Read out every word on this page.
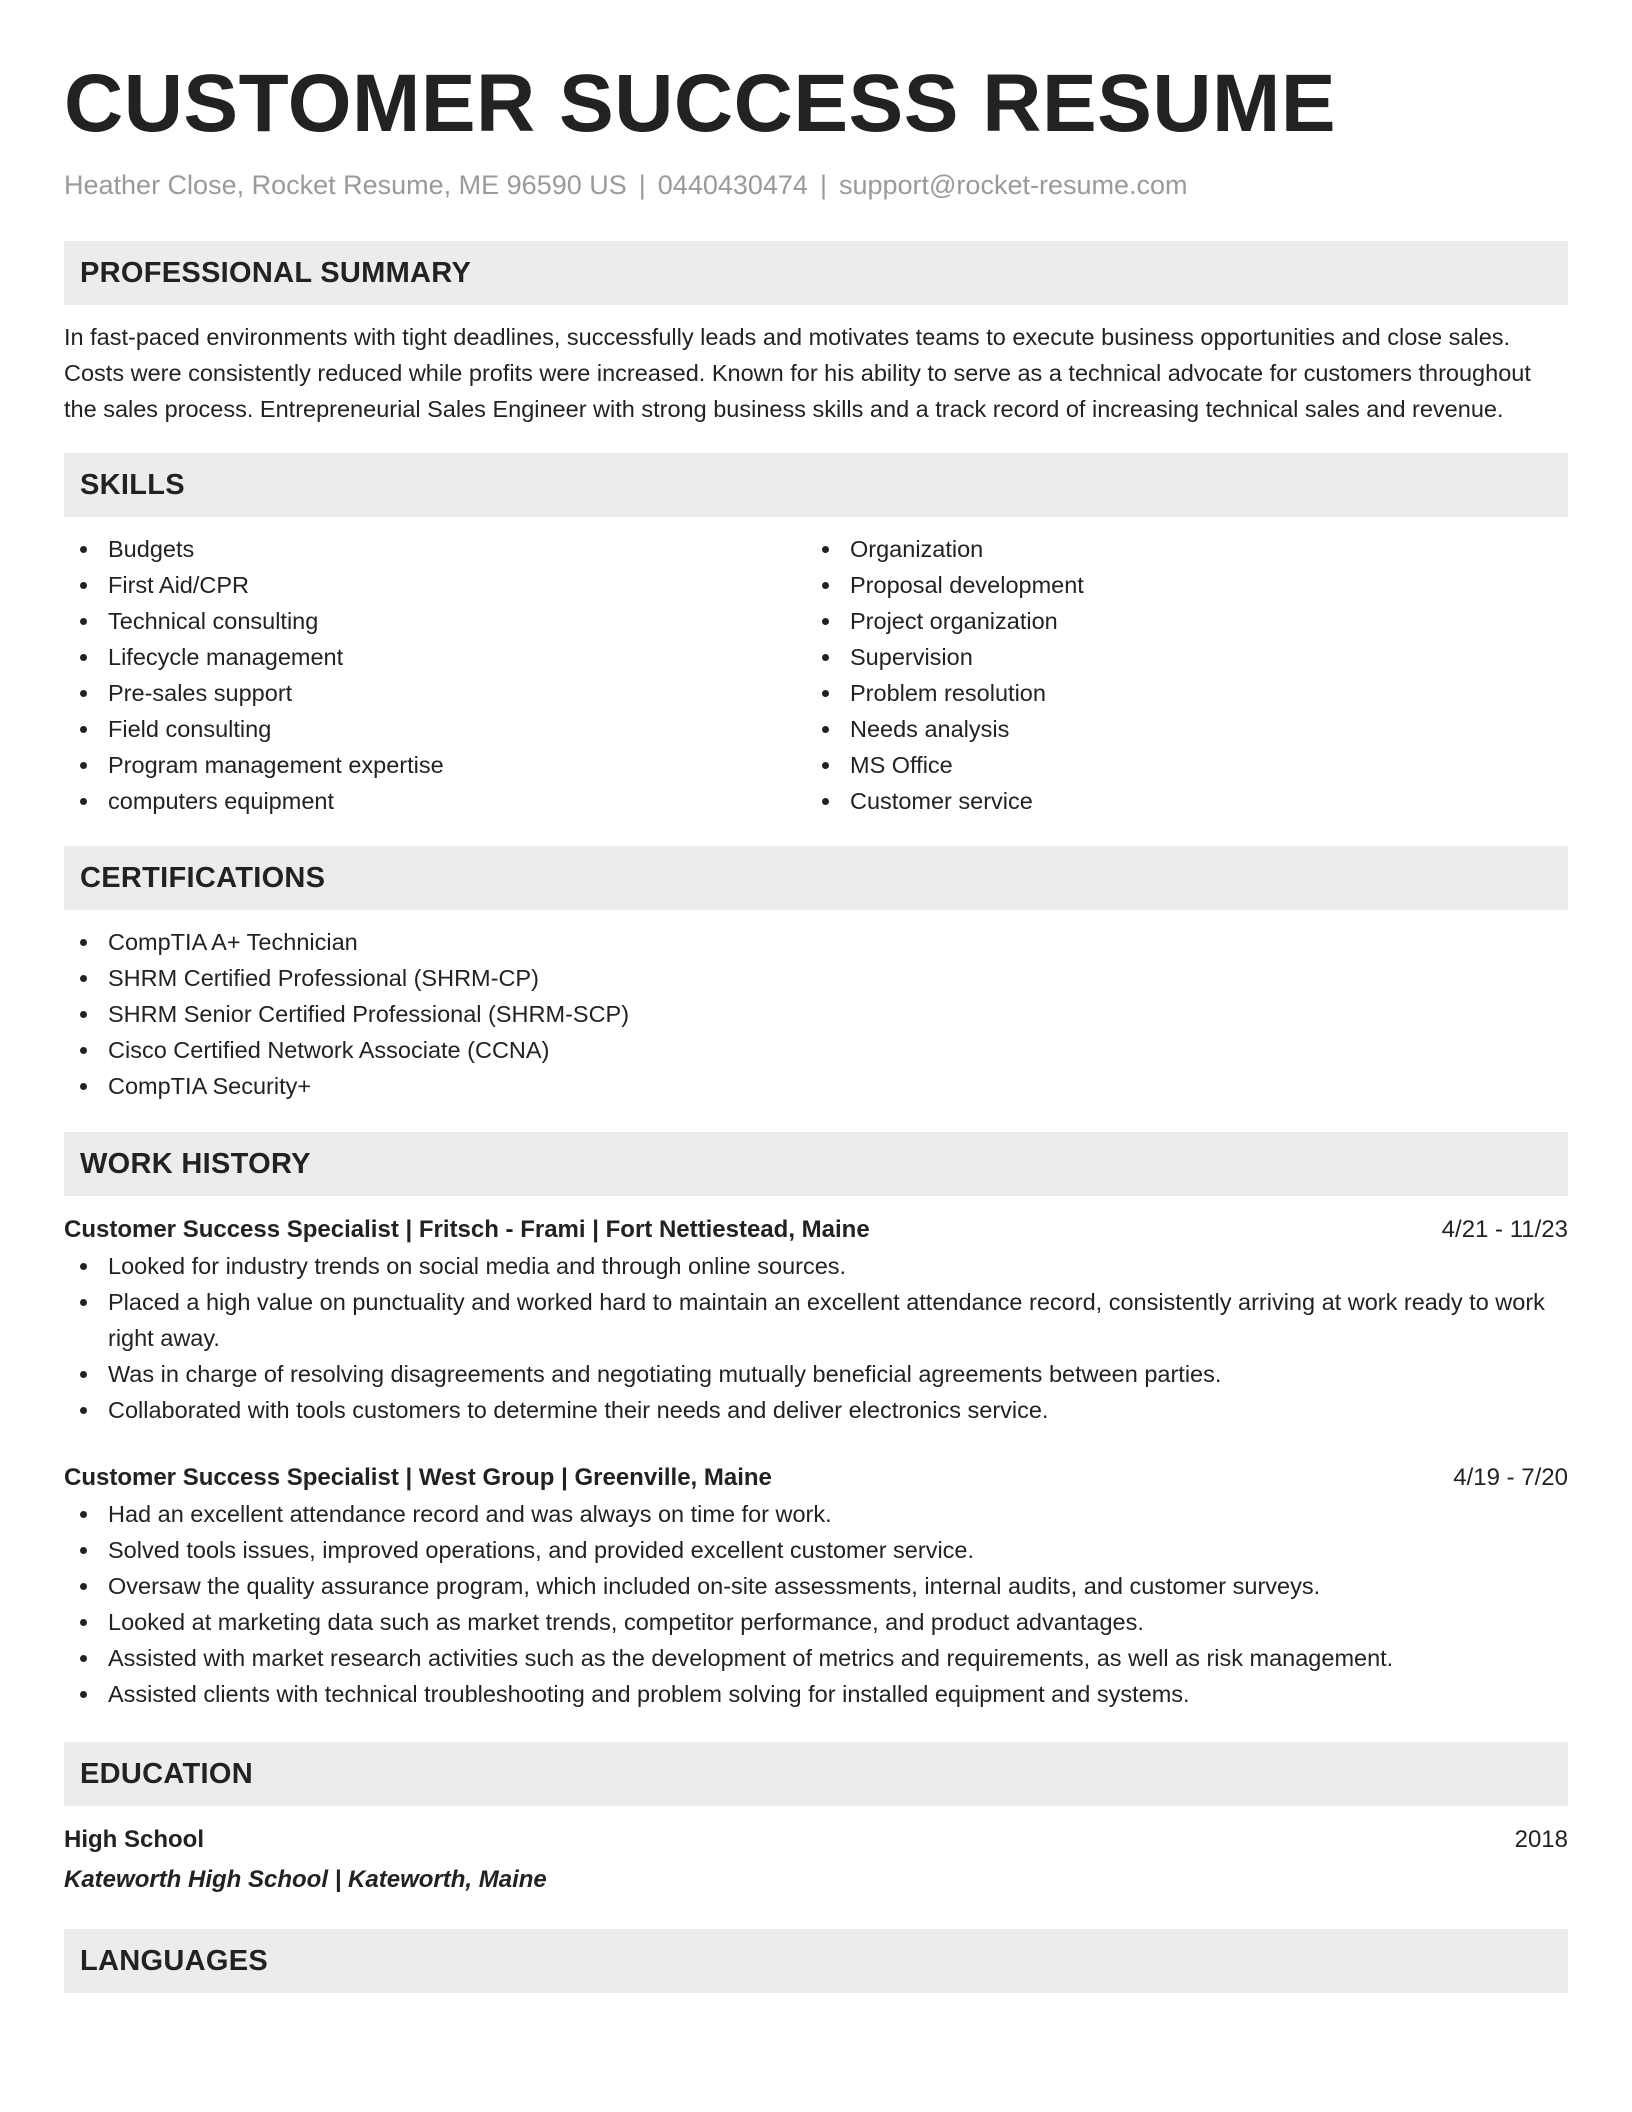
CUSTOMER SUCCESS RESUME
Heather Close, Rocket Resume, ME 96590 US | 0440430474 | support@rocket-resume.com
PROFESSIONAL SUMMARY

In fast-paced environments with tight deadlines, successfully leads and motivates teams to execute business opportunities and close sales. Costs were consistently reduced while profits were increased. Known for his ability to serve as a technical advocate for customers throughout the sales process. Entrepreneurial Sales Engineer with strong business skills and a track record of increasing technical sales and revenue.

SKILLS
Budgets
First Aid/CPR
Technical consulting
Lifecycle management
Pre-sales support
Field consulting
Program management expertise
computers equipment
Organization
Proposal development
Project organization
Supervision
Problem resolution
Needs analysis
MS Office
Customer service
CERTIFICATIONS
CompTIA A+ Technician
SHRM Certified Professional (SHRM-CP)
SHRM Senior Certified Professional (SHRM-SCP)
Cisco Certified Network Associate (CCNA)
CompTIA Security+
WORK HISTORY
Customer Success Specialist | Fritsch - Frami | Fort Nettiestead, Maine	4/21 - 11/23
Looked for industry trends on social media and through online sources.
Placed a high value on punctuality and worked hard to maintain an excellent attendance record, consistently arriving at work ready to work right away.
Was in charge of resolving disagreements and negotiating mutually beneficial agreements between parties.
Collaborated with tools customers to determine their needs and deliver electronics service.
Customer Success Specialist | West Group | Greenville, Maine	4/19 - 7/20
Had an excellent attendance record and was always on time for work.
Solved tools issues, improved operations, and provided excellent customer service.
Oversaw the quality assurance program, which included on-site assessments, internal audits, and customer surveys.
Looked at marketing data such as market trends, competitor performance, and product advantages.
Assisted with market research activities such as the development of metrics and requirements, as well as risk management.
Assisted clients with technical troubleshooting and problem solving for installed equipment and systems.
EDUCATION
High School	2018
Kateworth High School | Kateworth, Maine
LANGUAGES
